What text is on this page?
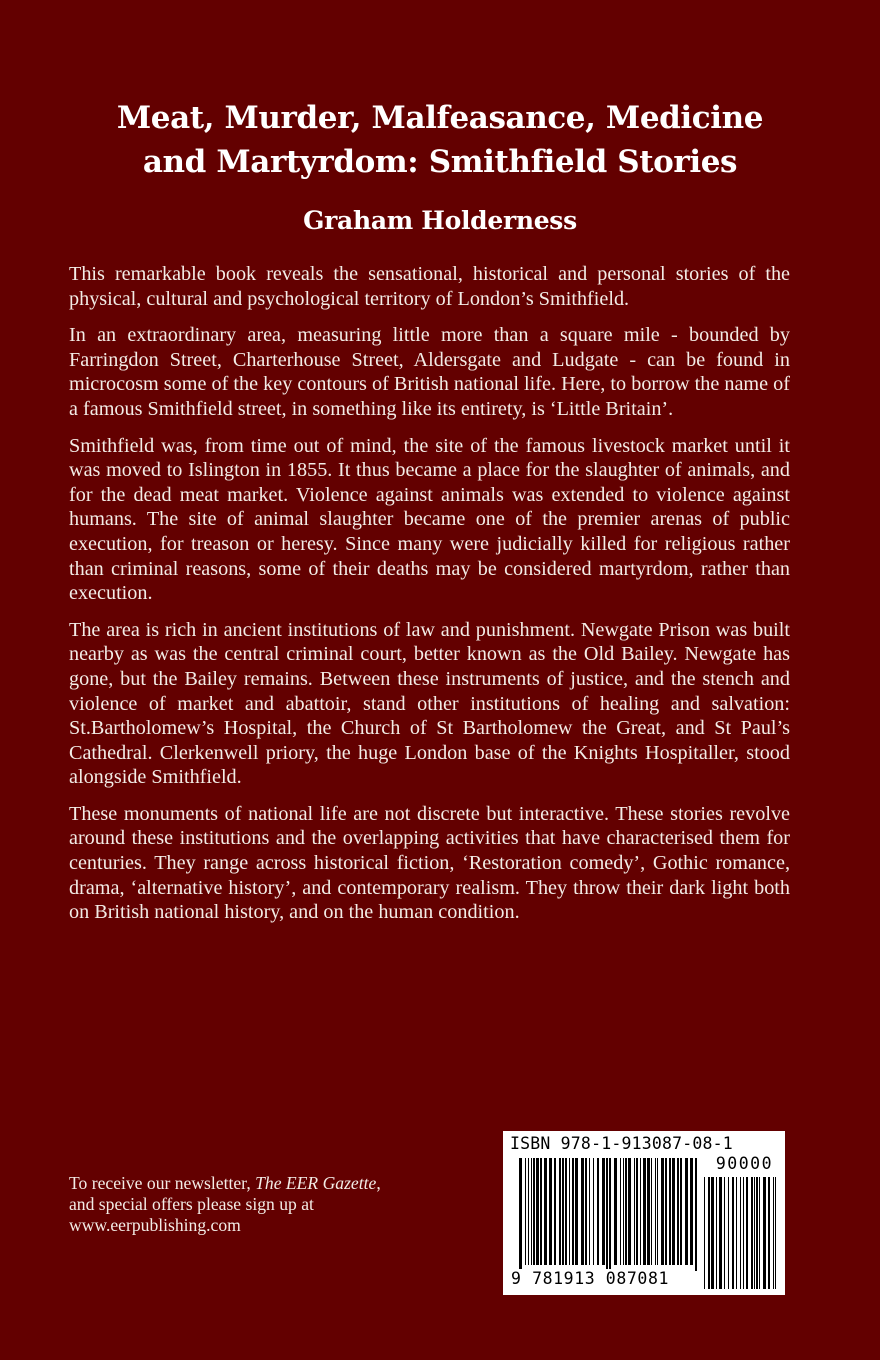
Meat, Murder, Malfeasance, Medicine
and Martyrdom: Smithfield Stories
Graham Holderness

This remarkable book reveals the sensational, historical and personal stories of the physical, cultural and psychological territory of London’s Smithfield.

In an extraordinary area, measuring little more than a square mile - bounded by Farringdon Street, Charterhouse Street, Aldersgate and Ludgate - can be found in microcosm some of the key contours of British national life. Here, to borrow the name of a famous Smithfield street, in something like its entirety, is ‘Little Britain’.

Smithfield was, from time out of mind, the site of the famous livestock market until it was moved to Islington in 1855. It thus became a place for the slaughter of animals, and for the dead meat market. Violence against animals was extended to violence against humans. The site of animal slaughter became one of the premier arenas of public execution, for treason or heresy. Since many were judicially killed for religious rather than criminal reasons, some of their deaths may be considered martyrdom, rather than execution.

The area is rich in ancient institutions of law and punishment. Newgate Prison was built nearby as was the central criminal court, better known as the Old Bailey. Newgate has gone, but the Bailey remains. Between these instruments of justice, and the stench and violence of market and abattoir, stand other institutions of healing and salvation: St.Bartholomew’s Hospital, the Church of St Bartholomew the Great, and St Paul’s Cathedral. Clerkenwell priory, the huge London base of the Knights Hospitaller, stood alongside Smithfield.

These monuments of national life are not discrete but interactive. These stories revolve around these institutions and the overlapping activities that have characterised them for centuries. They range across historical fiction, ‘Restoration comedy’, Gothic romance, drama, ‘alternative history’, and contemporary realism. They throw their dark light both on British national history, and on the human condition.

To receive our newsletter, The EER Gazette,
and special offers please sign up at
www.eerpublishing.com
ISBN 978-1-913087-08-1
90000
9 781913 087081
